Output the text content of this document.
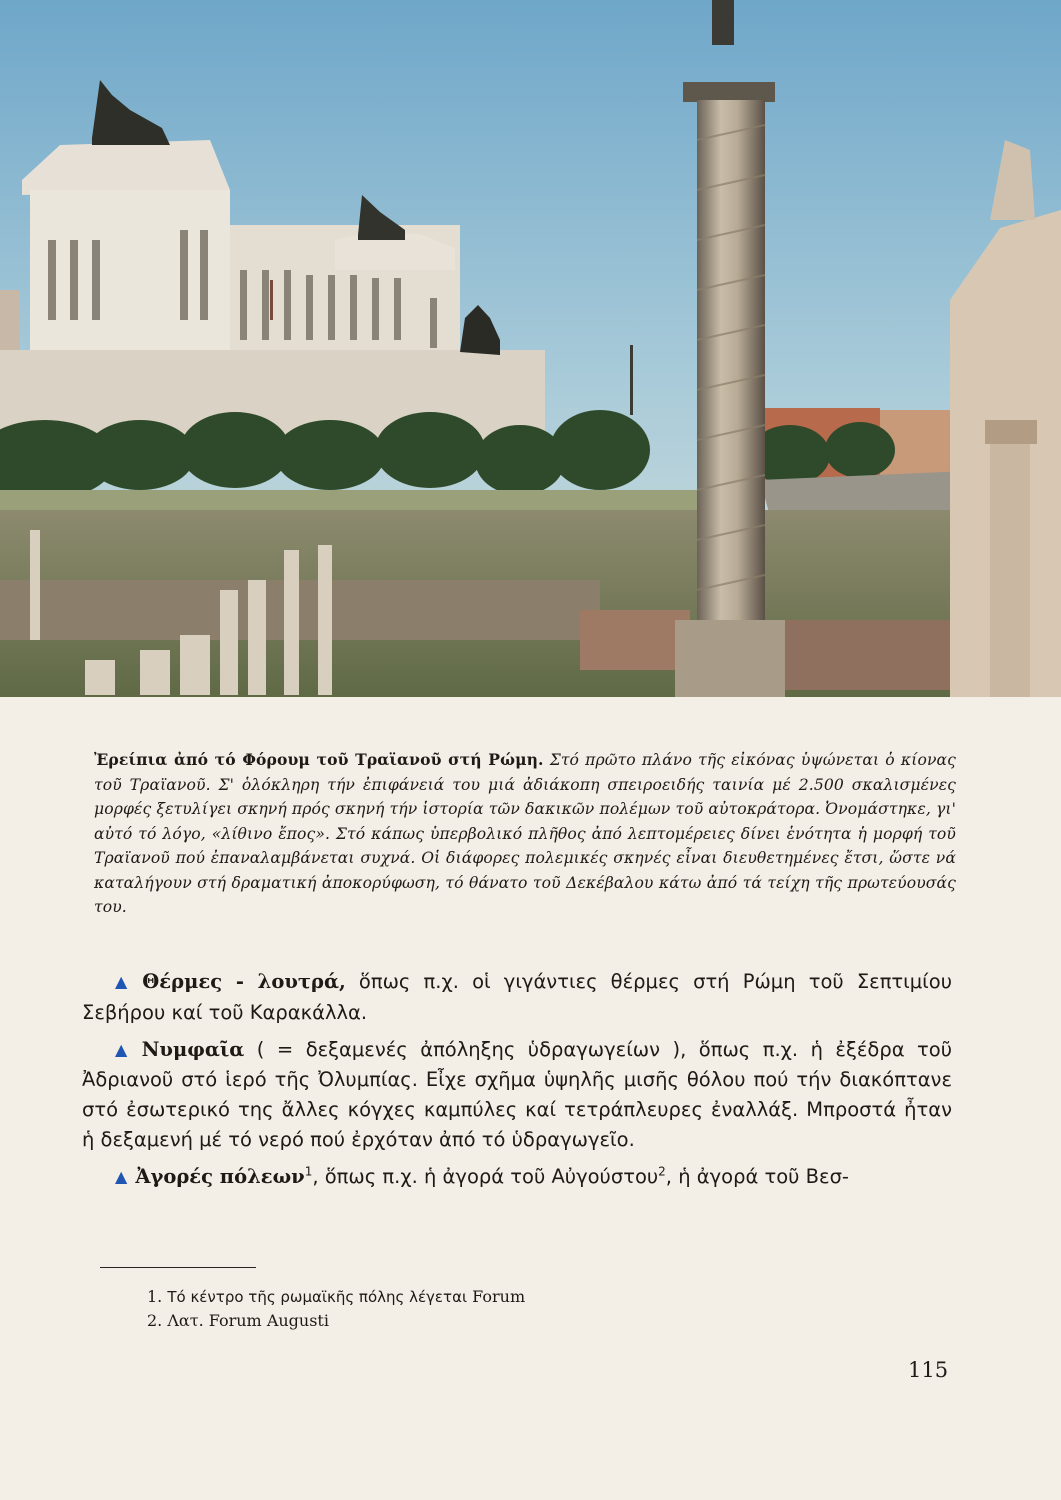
Ἐρείπια ἀπό τό Φόρουμ τοῦ Τραϊανοῦ στή Ρώμη. Στό πρῶτο πλάνο τῆς εἰκόνας ὑψώνεται ὁ κίονας τοῦ Τραϊανοῦ. Σ' ὁλόκληρη τήν ἐπιφάνειά του μιά ἀδιάκοπη σπειροειδής ταινία μέ 2.500 σκαλισμένες μορφές ξετυλίγει σκηνή πρός σκηνή τήν ἱστορία τῶν δακικῶν πολέμων τοῦ αὐτοκράτορα. Ὀνομάστηκε, γι' αὐτό τό λόγο, «λίθινο ἔπος». Στό κάπως ὑπερβολικό πλῆθος ἀπό λεπτομέρειες δίνει ἑνότητα ἡ μορφή τοῦ Τραϊανοῦ πού ἐπαναλαμβάνεται συχνά. Οἱ διάφορες πολεμικές σκηνές εἶναι διευθετημένες ἔτσι, ὥστε νά καταλήγουν στή δραματική ἀποκορύφωση, τό θάνατο τοῦ Δεκέβαλου κάτω ἀπό τά τείχη τῆς πρωτεύουσάς του.

▲ Θέρμες - λουτρά, ὅπως π.χ. οἱ γιγάντιες θέρμες στή Ρώμη τοῦ Σεπτιμίου Σεβήρου καί τοῦ Καρακάλλα.

▲ Νυμφαῖα ( = δεξαμενές ἀπόληξης ὑδραγωγείων ), ὅπως π.χ. ἡ ἐξέδρα τοῦ Ἀδριανοῦ στό ἱερό τῆς Ὀλυμπίας. Εἶχε σχῆμα ὑψηλῆς μισῆς θόλου πού τήν διακόπτανε στό ἐσωτερικό της ἄλλες κόγχες καμπύλες καί τετράπλευρες ἐναλλάξ. Μπροστά ἦταν ἡ δεξαμενή μέ τό νερό πού ἐρχόταν ἀπό τό ὑδραγωγεῖο.

▲ Ἀγορές πόλεων$^1$, ὅπως π.χ. ἡ ἀγορά τοῦ Αὐγούστου$^2$, ἡ ἀγορά τοῦ Βεσ-

1. Τό κέντρο τῆς ρωμαϊκῆς πόλης λέγεται Forum
2. Λατ. Forum Augusti
115
